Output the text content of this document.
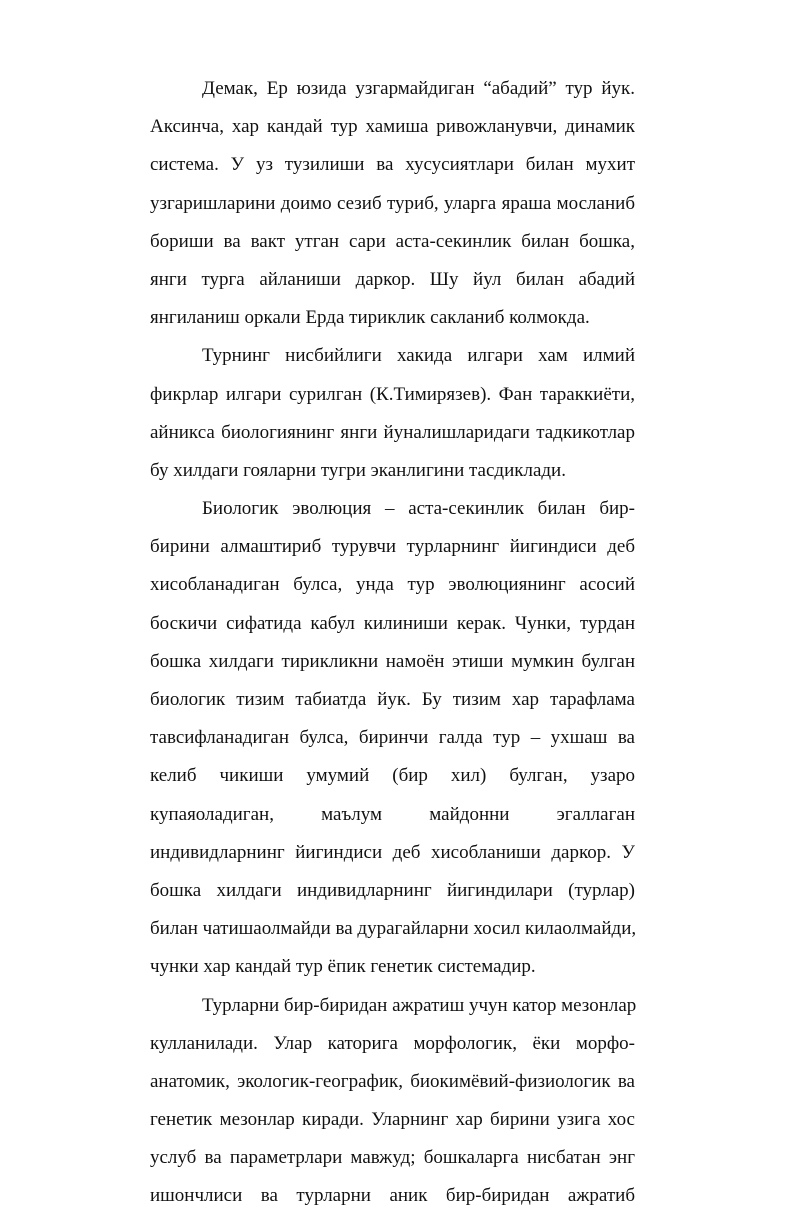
Демак, Ер юзида узгармайдиган “абадий” тур йук.
Аксинча, хар кандай тур хамиша ривожланувчи, динамик
система. У уз тузилиши ва хусусиятлари билан мухит
узгаришларини доимо сезиб туриб, уларга яраша мосланиб
бориши ва вакт утган сари аста-секинлик билан бошка,
янги турга айланиши даркор. Шу йул билан абадий
янгиланиш оркали Ерда тириклик сакланиб колмокда.
Турнинг нисбийлиги хакида илгари хам илмий
фикрлар илгари сурилган (К.Тимирязев). Фан тараккиёти,
айникса биологиянинг янги йуналишларидаги тадкикотлар
бу хилдаги гояларни тугри эканлигини тасдиклади.
Биологик эволюция – аста-секинлик билан бир-
бирини алмаштириб турувчи турларнинг йигиндиси деб
хисобланадиган булса, унда тур эволюциянинг асосий
боскичи сифатида кабул килиниши керак. Чунки, турдан
бошка хилдаги тирикликни намоён этиши мумкин булган
биологик тизим табиатда йук. Бу тизим хар тарафлама
тавсифланадиган булса, биринчи галда тур – ухшаш ва
келиб чикиши умумий (бир хил) булган, узаро
купаяоладиган, маълум майдонни эгаллаган
индивидларнинг йигиндиси деб хисобланиши даркор. У
бошка хилдаги индивидларнинг йигиндилари (турлар)
билан чатишаолмайди ва дурагайларни хосил килаолмайди,
чунки хар кандай тур ёпик генетик системадир.
Турларни бир-биридан ажратиш учун катор мезонлар
кулланилади. Улар каторига морфологик, ёки морфо-
анатомик, экологик-географик, биокимёвий-физиологик ва
генетик мезонлар киради. Уларнинг хар бирини узига хос
услуб ва параметрлари мавжуд; бошкаларга нисбатан энг
ишончлиси ва турларни аник бир-биридан ажратиб
